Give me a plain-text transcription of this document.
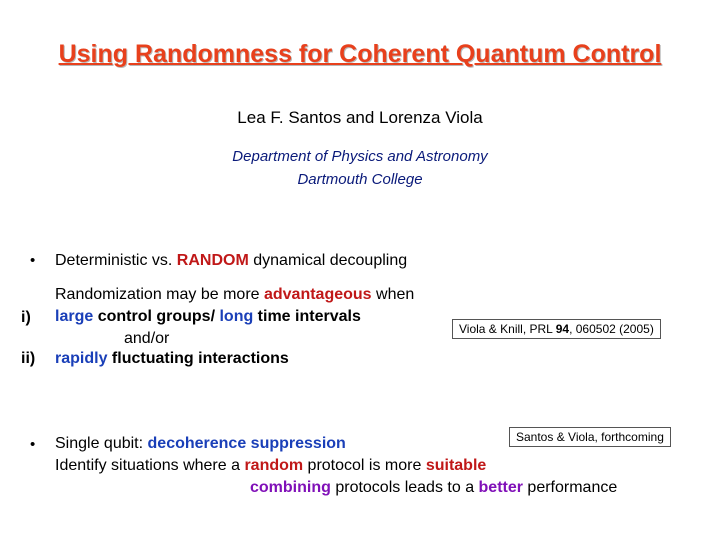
Using Randomness for Coherent Quantum Control
Lea F. Santos and Lorenza Viola
Department of Physics and Astronomy
Dartmouth College
• Deterministic vs. RANDOM dynamical decoupling
Randomization may be more advantageous when
i) large control groups/ long time intervals
and/or
ii) rapidly fluctuating interactions
Viola & Knill, PRL 94, 060502 (2005)
Santos & Viola, forthcoming
• Single qubit: decoherence suppression
Identify situations where a random protocol is more suitable
combining protocols leads to a better performance
